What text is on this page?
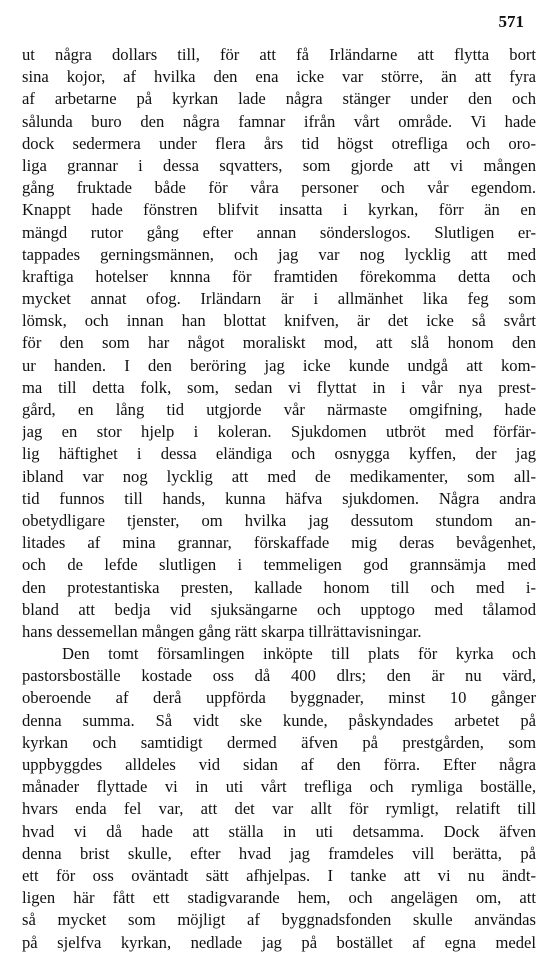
571
ut några dollars till, för att få Irländarne att flytta bort
sina kojor, af hvilka den ena icke var större, än att fyra
af arbetarne på kyrkan lade några stänger under den och
sålunda buro den några famnar ifrån vårt område. Vi hade
dock sedermera under flera års tid högst otrefliga och oro-
liga grannar i dessa sqvatters, som gjorde att vi mången
gång fruktade både för våra personer och vår egendom.
Knappt hade fönstren blifvit insatta i kyrkan, förr än en
mängd rutor gång efter annan sönderslogos. Slutligen er-
tappades gerningsmännen, och jag var nog lycklig att med
kraftiga hotelser knnna för framtiden förekomma detta och
mycket annat ofog. Irländarn är i allmänhet lika feg som
lömsk, och innan han blottat knifven, är det icke så svårt
för den som har något moraliskt mod, att slå honom den
ur handen. I den beröring jag icke kunde undgå att kom-
ma till detta folk, som, sedan vi flyttat in i vår nya prest-
gård, en lång tid utgjorde vår närmaste omgifning, hade
jag en stor hjelp i koleran. Sjukdomen utbröt med förfär-
lig häftighet i dessa eländiga och osnygga kyffen, der jag
ibland var nog lycklig att med de medikamenter, som all-
tid funnos till hands, kunna häfva sjukdomen. Några andra
obetydligare tjenster, om hvilka jag dessutom stundom an-
litades af mina grannar, förskaffade mig deras bevågenhet,
och de lefde slutligen i temmeligen god grannsämja med
den protestantiska presten, kallade honom till och med i-
bland att bedja vid sjuksängarne och upptogo med tålamod
hans dessemellan mången gång rätt skarpa tillrättavisningar.
Den tomt församlingen inköpte till plats för kyrka och
pastorsboställe kostade oss då 400 dlrs; den är nu värd,
oberoende af derå uppförda byggnader, minst 10 gånger
denna summa. Så vidt ske kunde, påskyndades arbetet på
kyrkan och samtidigt dermed äfven på prestgården, som
uppbyggdes alldeles vid sidan af den förra. Efter några
månader flyttade vi in uti vårt trefliga och rymliga boställe,
hvars enda fel var, att det var allt för rymligt, relatift till
hvad vi då hade att ställa in uti detsamma. Dock äfven
denna brist skulle, efter hvad jag framdeles vill berätta, på
ett för oss oväntadt sätt afhjelpas. I tanke att vi nu ändt-
ligen här fått ett stadigvarande hem, och angelägen om, att
så mycket som möjligt af byggnadsfonden skulle användas
på sjelfva kyrkan, nedlade jag på bostället af egna medel
